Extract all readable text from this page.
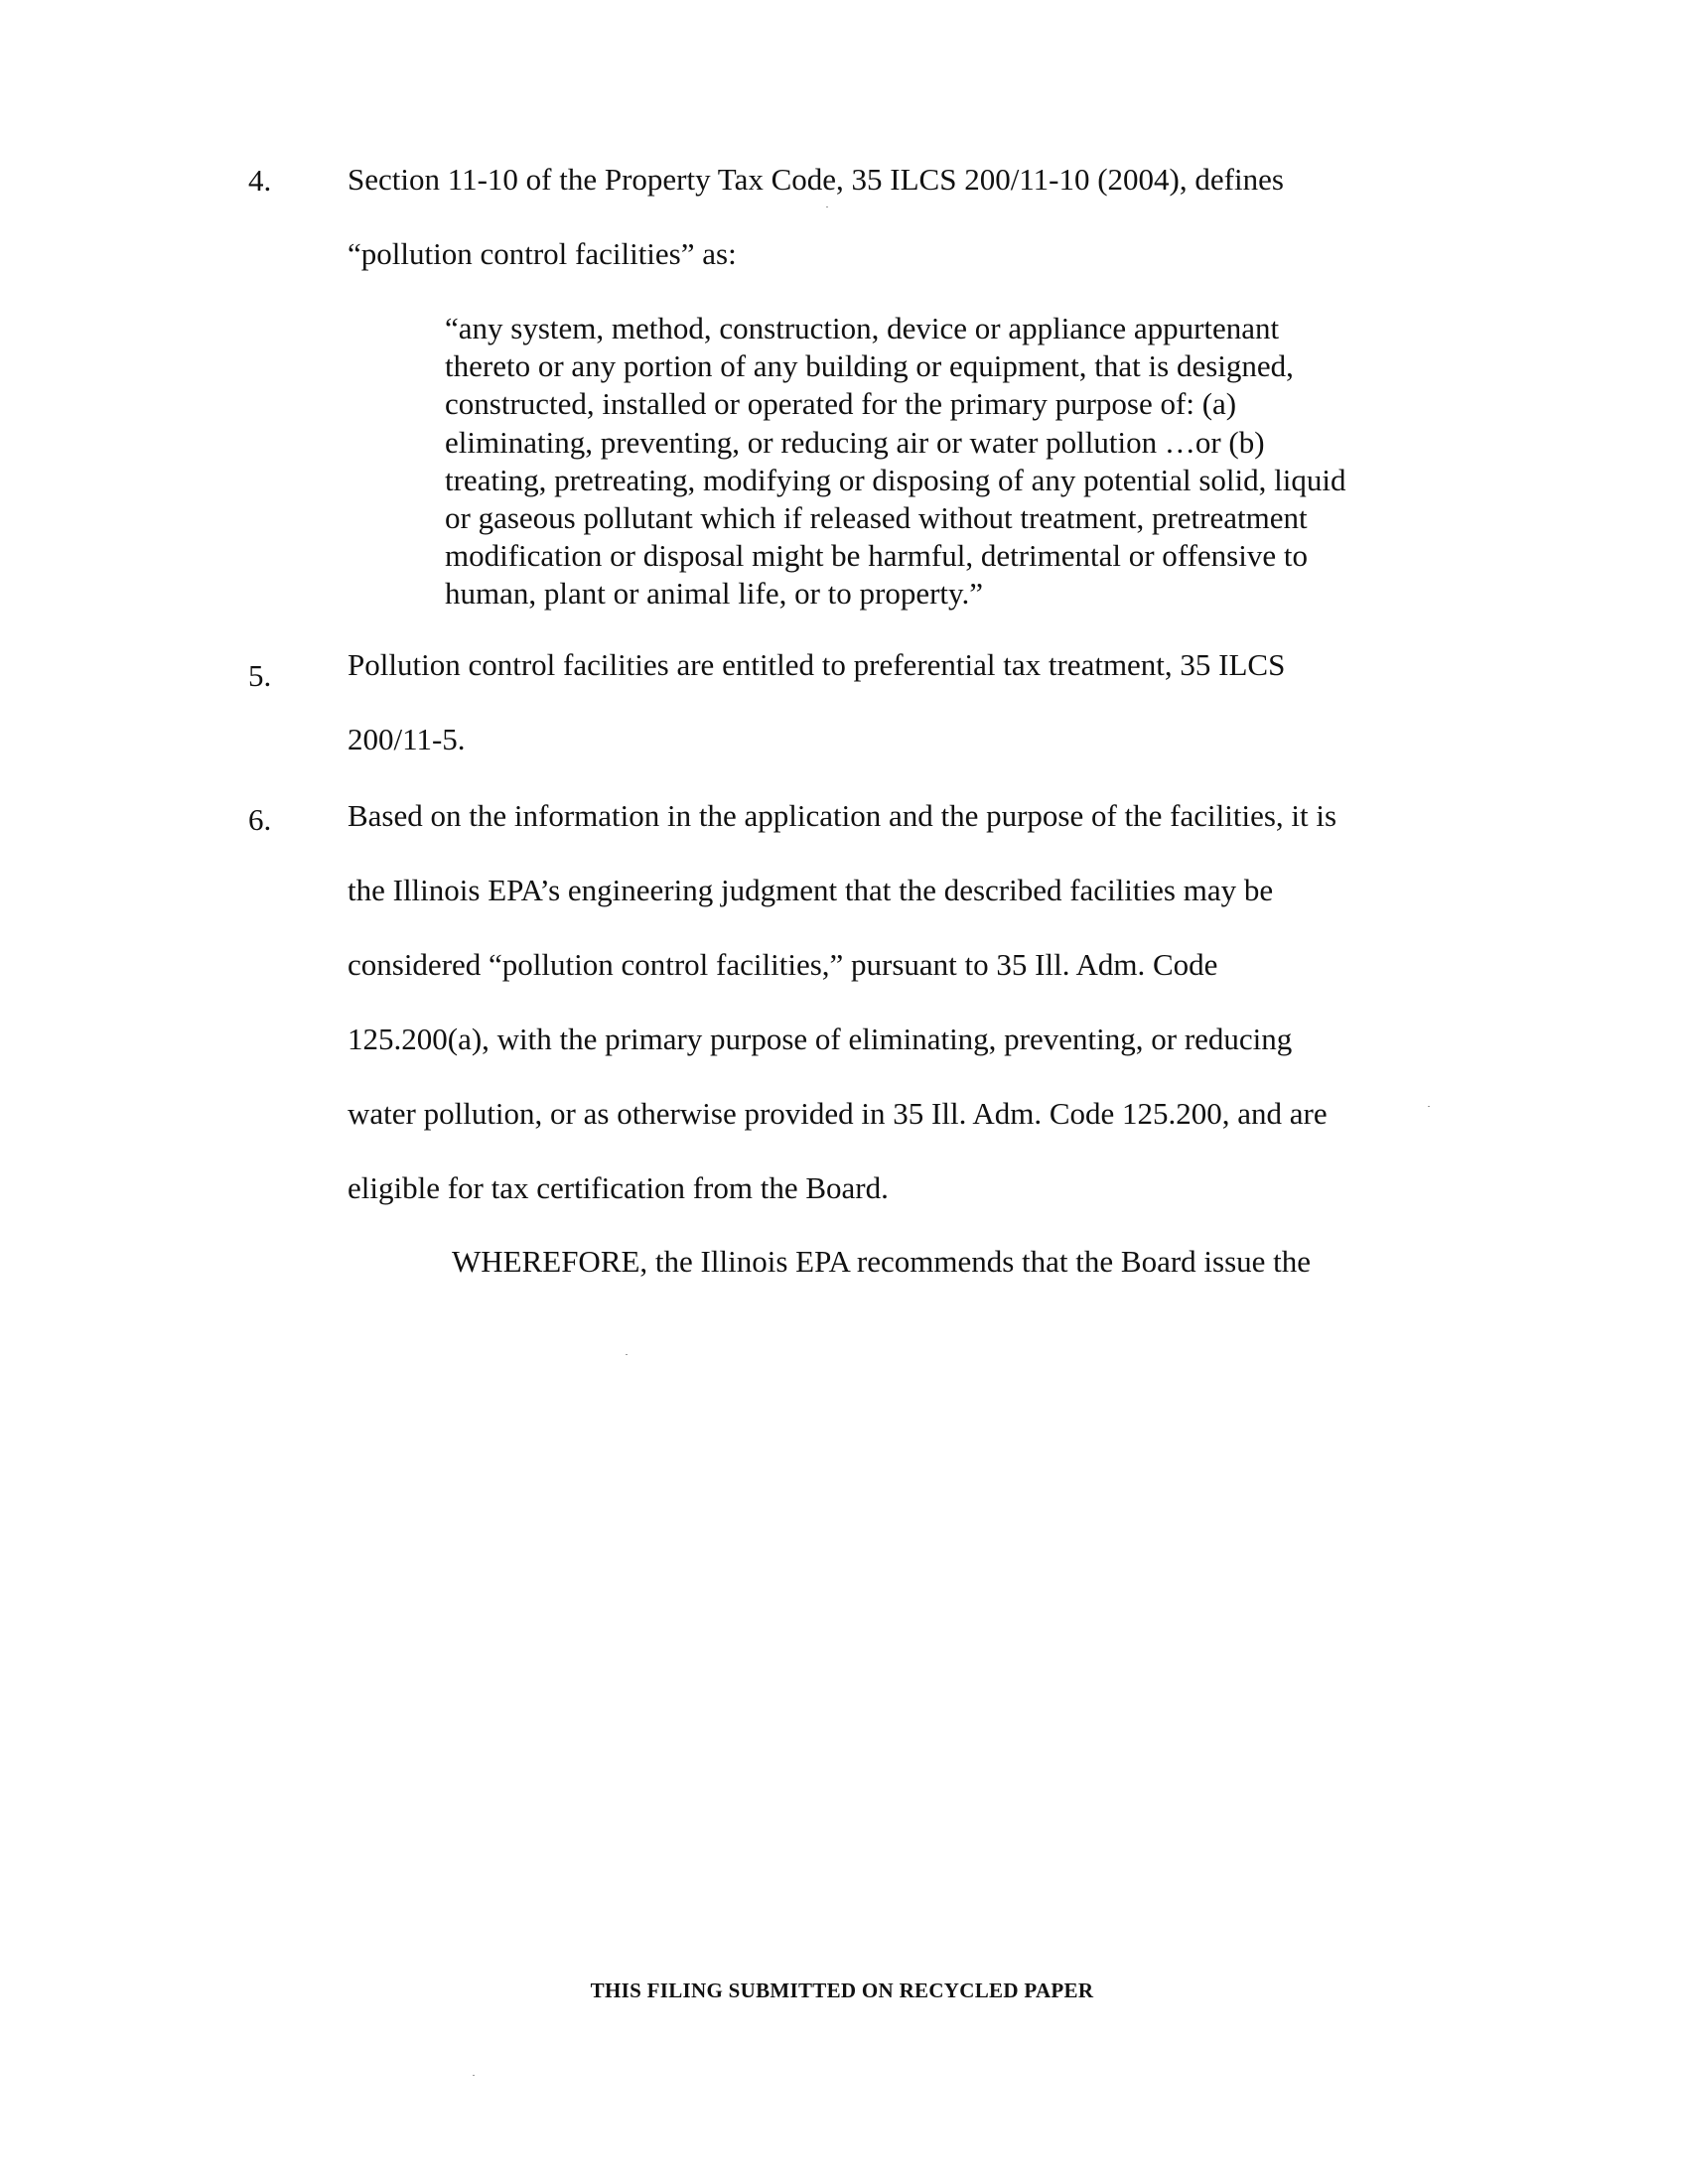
4. Section 11-10 of the Property Tax Code, 35 ILCS 200/11-10 (2004), defines
“pollution control facilities” as:

“any system, method, construction, device or appliance appurtenant
thereto or any portion of any building or equipment, that is designed,
constructed, installed or operated for the primary purpose of: (a)
eliminating, preventing, or reducing air or water pollution …or (b)
treating, pretreating, modifying or disposing of any potential solid, liquid
or gaseous pollutant which if released without treatment, pretreatment
modification or disposal might be harmful, detrimental or offensive to
human, plant or animal life, or to property.”

5. Pollution control facilities are entitled to preferential tax treatment, 35 ILCS
200/11-5.

6. Based on the information in the application and the purpose of the facilities, it is
the Illinois EPA’s engineering judgment that the described facilities may be
considered “pollution control facilities,” pursuant to 35 Ill. Adm. Code
125.200(a), with the primary purpose of eliminating, preventing, or reducing
water pollution, or as otherwise provided in 35 Ill. Adm. Code 125.200, and are
eligible for tax certification from the Board.

WHEREFORE, the Illinois EPA recommends that the Board issue the

THIS FILING SUBMITTED ON RECYCLED PAPER
